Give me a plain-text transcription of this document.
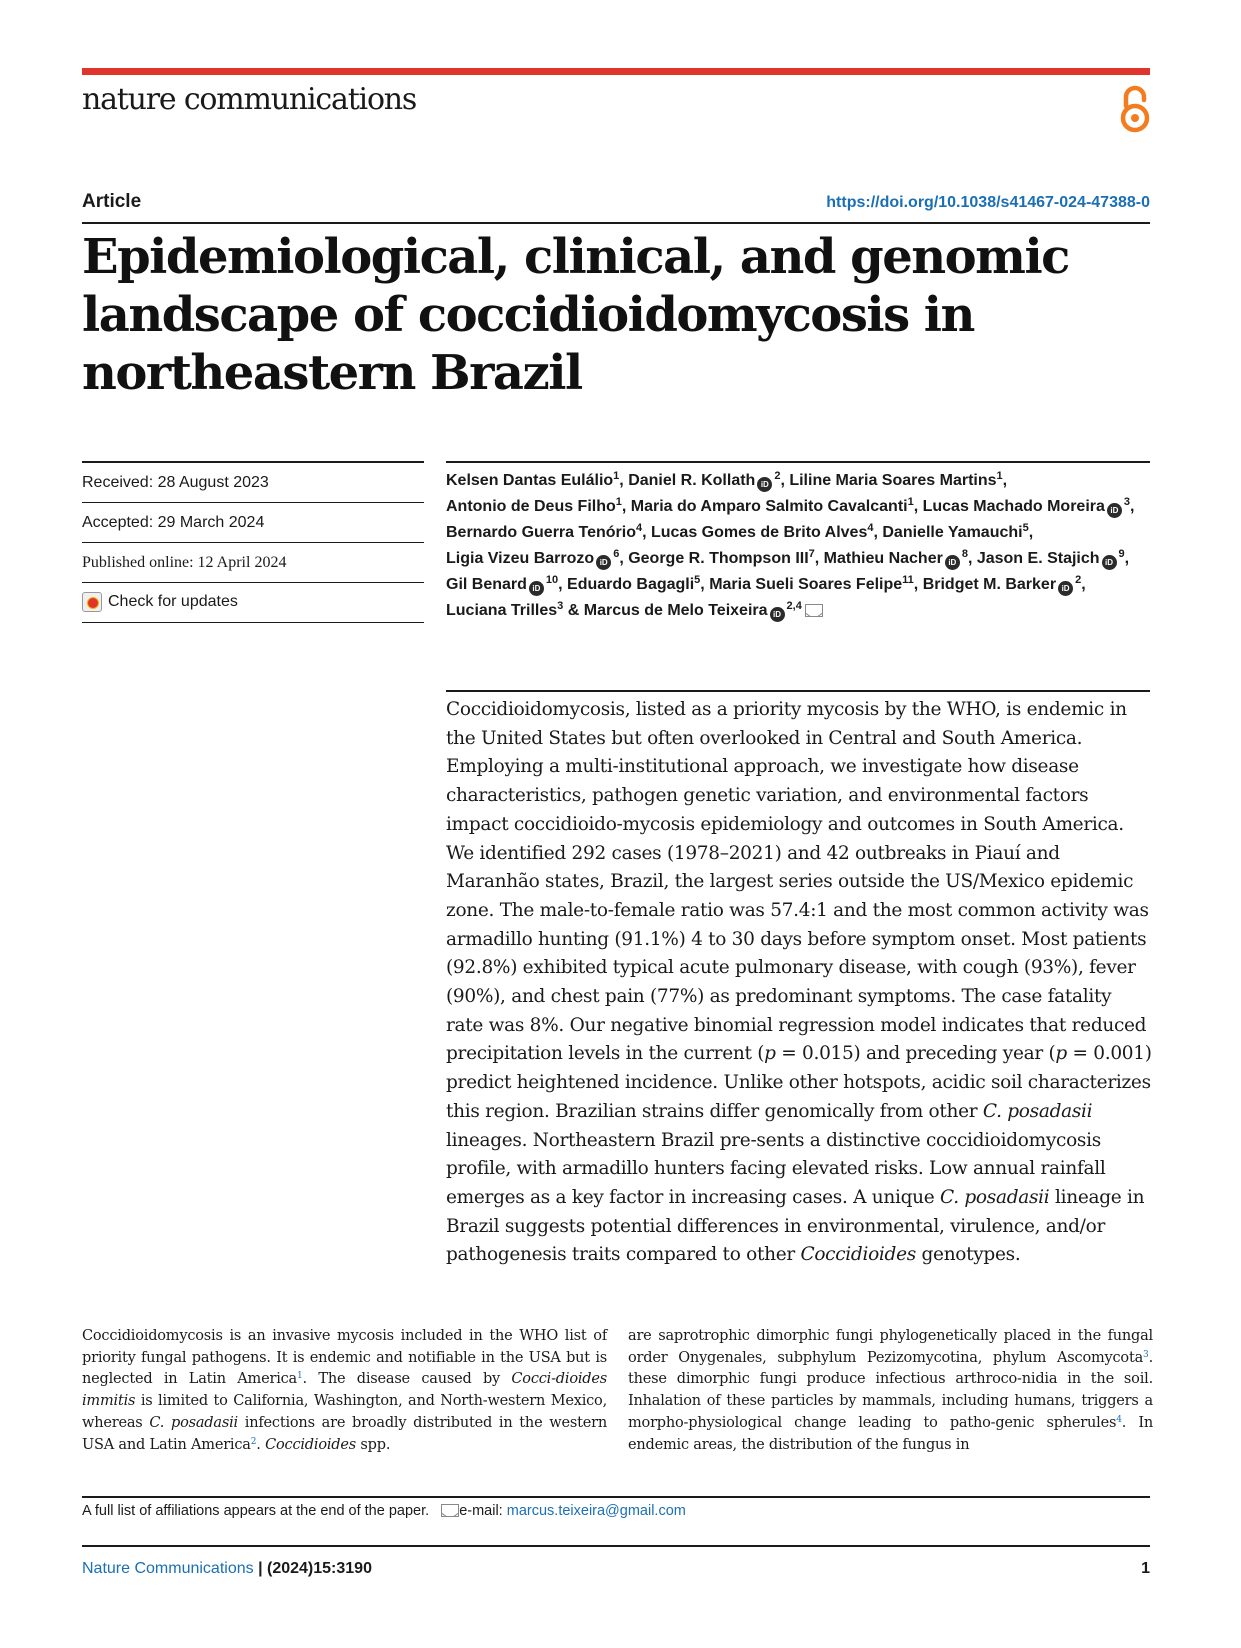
nature communications
Article	https://doi.org/10.1038/s41467-024-47388-0
Epidemiological, clinical, and genomic landscape of coccidioidomycosis in northeastern Brazil
Received: 28 August 2023
Accepted: 29 March 2024
Published online: 12 April 2024
Check for updates
Kelsen Dantas Eulálio$^1$, Daniel R. Kollath $iD^2$, Liline Maria Soares Martins$^1$, Antonio de Deus Filho$^1$, Maria do Amparo Salmito Cavalcanti$^1$, Lucas Machado Moreira $iD^3$, Bernardo Guerra Tenório$^4$, Lucas Gomes de Brito Alves$^4$, Danielle Yamauchi$^5$, Ligia Vizeu Barrozo $iD^6$, George R. Thompson III$^7$, Mathieu Nacher $iD^8$, Jason E. Stajich $iD^9$, Gil Benard $iD^{10}$, Eduardo Bagagli$^5$, Maria Sueli Soares Felipe$^{11}$, Bridget M. Barker $iD^2$, Luciana Trilles$^3$ & Marcus de Melo Teixeira iD$^{2,4}$
Coccidioidomycosis, listed as a priority mycosis by the WHO, is endemic in the United States but often overlooked in Central and South America. Employing a multi-institutional approach, we investigate how disease characteristics, pathogen genetic variation, and environmental factors impact coccidioido-mycosis epidemiology and outcomes in South America. We identified 292 cases (1978–2021) and 42 outbreaks in Piauí and Maranhão states, Brazil, the largest series outside the US/Mexico epidemic zone. The male-to-female ratio was 57.4:1 and the most common activity was armadillo hunting (91.1%) 4 to 30 days before symptom onset. Most patients (92.8%) exhibited typical acute pulmonary disease, with cough (93%), fever (90%), and chest pain (77%) as predominant symptoms. The case fatality rate was 8%. Our negative binomial regression model indicates that reduced precipitation levels in the current (p = 0.015) and preceding year (p = 0.001) predict heightened incidence. Unlike other hotspots, acidic soil characterizes this region. Brazilian strains differ genomically from other C. posadasii lineages. Northeastern Brazil pre-sents a distinctive coccidioidomycosis profile, with armadillo hunters facing elevated risks. Low annual rainfall emerges as a key factor in increasing cases. A unique C. posadasii lineage in Brazil suggests potential differences in environmental, virulence, and/or pathogenesis traits compared to other Coccidioides genotypes.
Coccidioidomycosis is an invasive mycosis included in the WHO list of priority fungal pathogens. It is endemic and notifiable in the USA but is neglected in Latin America$^1$. The disease caused by Cocci-dioides immitis is limited to California, Washington, and North-western Mexico, whereas C. posadasii infections are broadly distributed in the western USA and Latin America$^2$. Coccidioides spp.
are saprotrophic dimorphic fungi phylogenetically placed in the fungal order Onygenales, subphylum Pezizomycotina, phylum Ascomycota$^3$. these dimorphic fungi produce infectious arthroco-nidia in the soil. Inhalation of these particles by mammals, including humans, triggers a morpho-physiological change leading to patho-genic spherules$^4$. In endemic areas, the distribution of the fungus in
A full list of affiliations appears at the end of the paper. e-mail: marcus.teixeira@gmail.com
Nature Communications | (2024)15:3190	1
